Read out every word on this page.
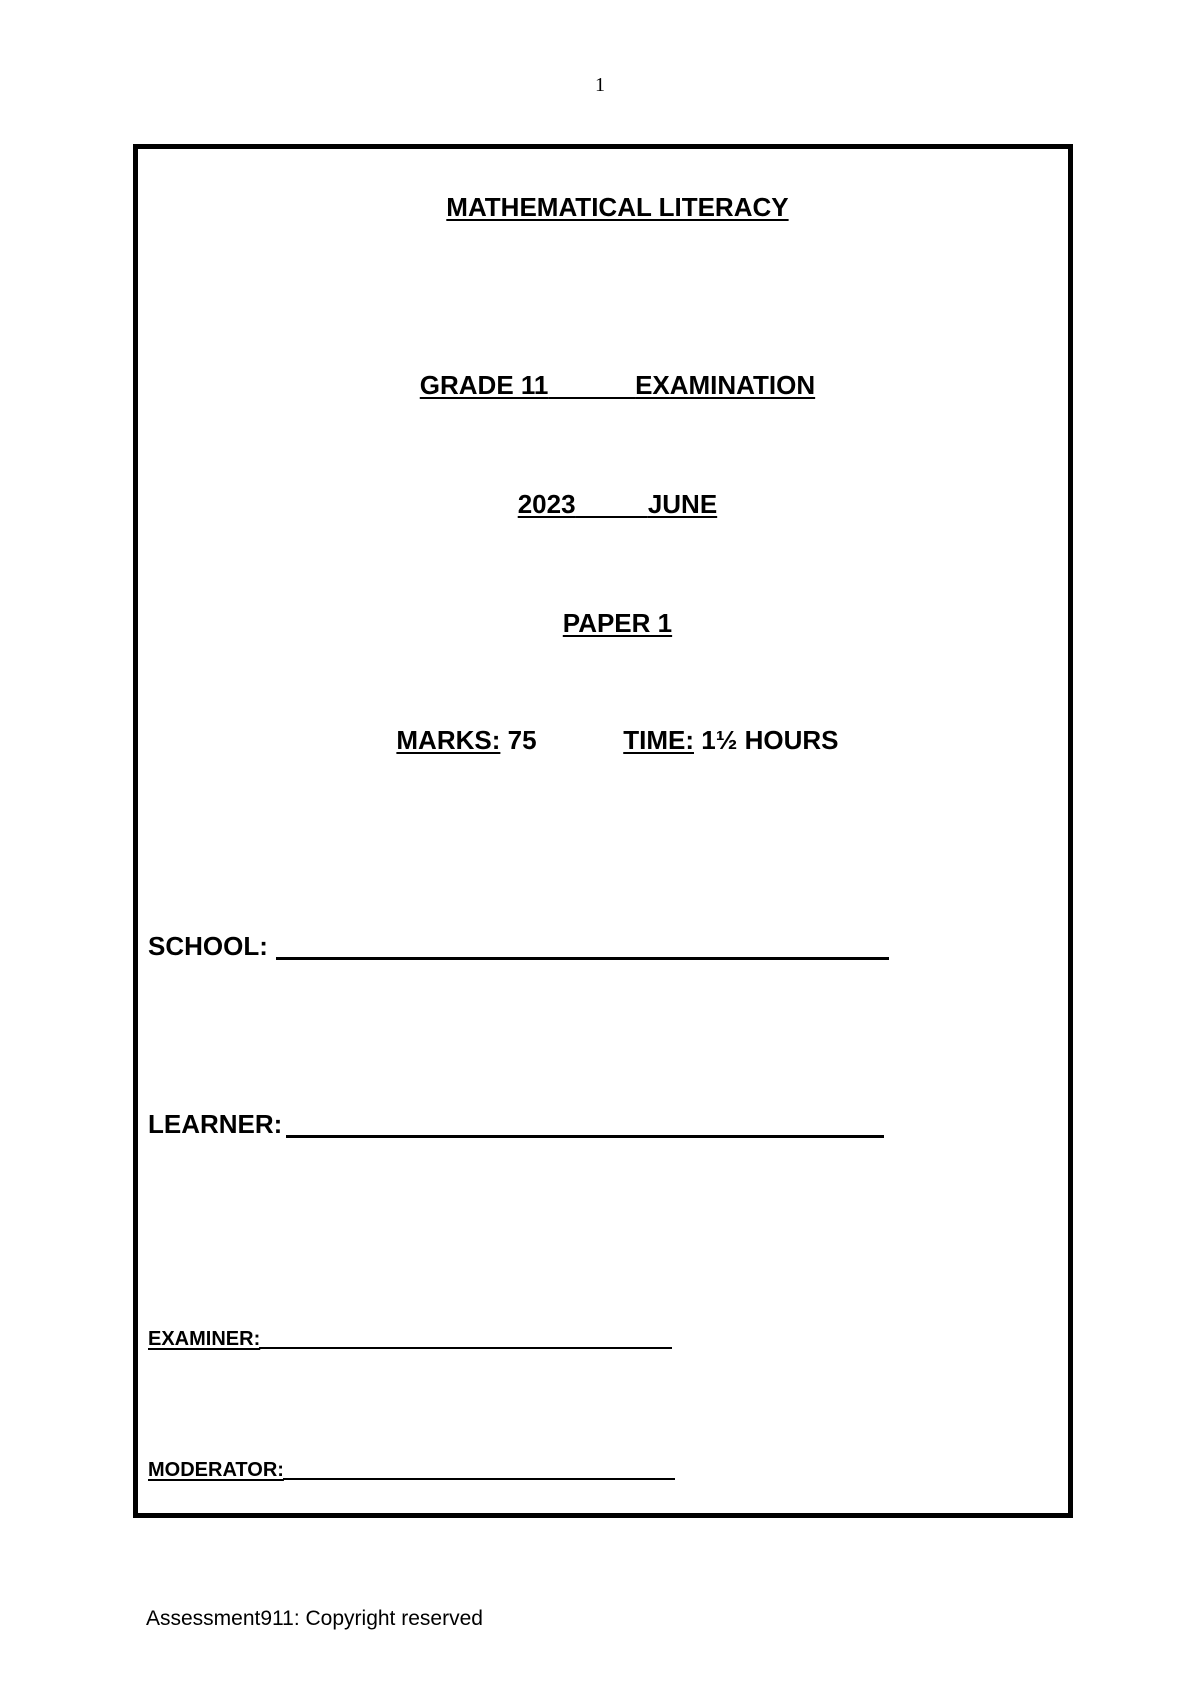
1

MATHEMATICAL LITERACY

GRADE 11	EXAMINATION

2023	JUNE

PAPER 1

MARKS: 75	TIME: 1½ HOURS

SCHOOL:
LEARNER:
EXAMINER:
MODERATOR:
Assessment911: Copyright reserved
